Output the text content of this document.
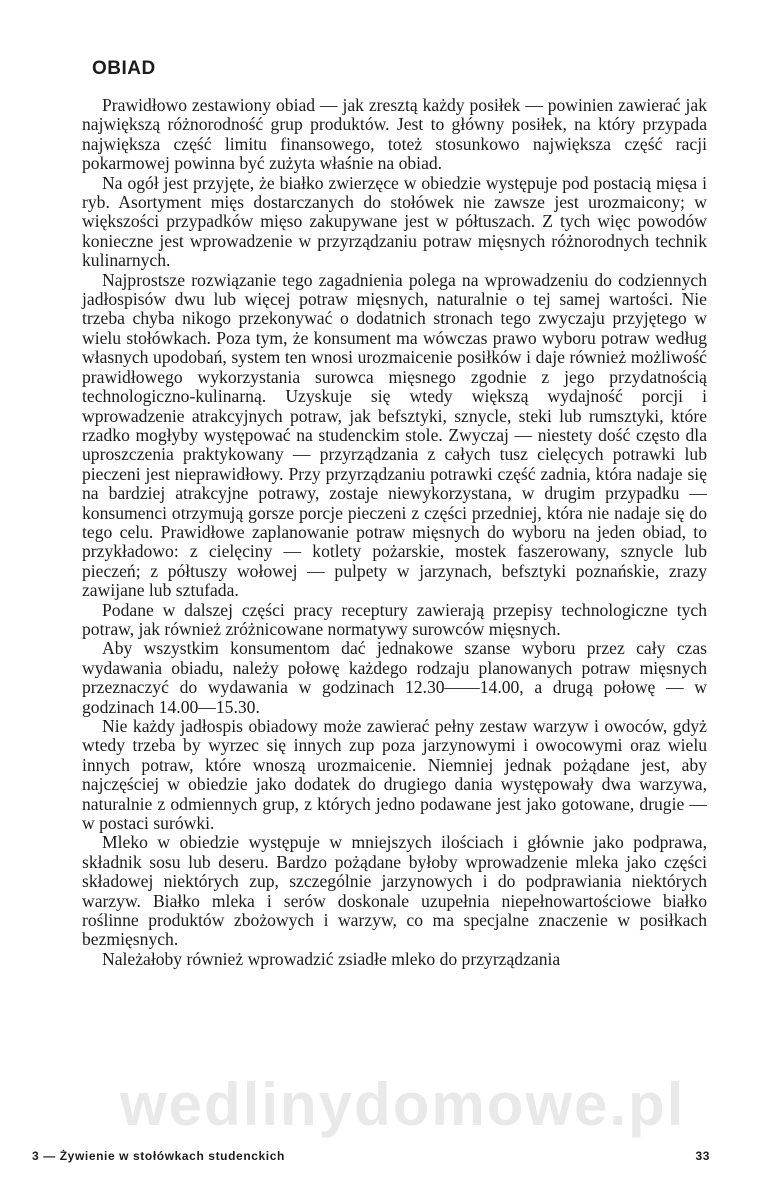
wedlinydomowe.pl
OBIAD

Prawidłowo zestawiony obiad — jak zresztą każdy posiłek — powinien zawierać jak największą różnorodność grup produktów. Jest to główny posiłek, na który przypada największa część limitu finansowego, toteż stosunkowo największa część racji pokarmowej powinna być zużyta właśnie na obiad.

Na ogół jest przyjęte, że białko zwierzęce w obiedzie występuje pod postacią mięsa i ryb. Asortyment mięs dostarczanych do stołówek nie zawsze jest urozmaicony; w większości przypadków mięso zakupywane jest w półtuszach. Z tych więc powodów konieczne jest wprowadzenie w przyrządzaniu potraw mięsnych różnorodnych technik kulinarnych.

Najprostsze rozwiązanie tego zagadnienia polega na wprowadzeniu do codziennych jadłospisów dwu lub więcej potraw mięsnych, naturalnie o tej samej wartości. Nie trzeba chyba nikogo przekonywać o dodatnich stronach tego zwyczaju przyjętego w wielu stołówkach. Poza tym, że konsument ma wówczas prawo wyboru potraw według własnych upodobań, system ten wnosi urozmaicenie posiłków i daje również możliwość prawidłowego wykorzystania surowca mięsnego zgodnie z jego przydatnością technologiczno-kulinarną. Uzyskuje się wtedy większą wydajność porcji i wprowadzenie atrakcyjnych potraw, jak befsztyki, sznycle, steki lub rumsztyki, które rzadko mogłyby występować na studenckim stole. Zwyczaj — niestety dość często dla uproszczenia praktykowany — przyrządzania z całych tusz cielęcych potrawki lub pieczeni jest nieprawidłowy. Przy przyrządzaniu potrawki część zadnia, która nadaje się na bardziej atrakcyjne potrawy, zostaje niewykorzystana, w drugim przypadku — konsumenci otrzymują gorsze porcje pieczeni z części przedniej, która nie nadaje się do tego celu. Prawidłowe zaplanowanie potraw mięsnych do wyboru na jeden obiad, to przykładowo: z cielęciny — kotlety pożarskie, mostek faszerowany, sznycle lub pieczeń; z półtuszy wołowej — pulpety w jarzynach, befsztyki poznańskie, zrazy zawijane lub sztufada.

Podane w dalszej części pracy receptury zawierają przepisy technologiczne tych potraw, jak również zróżnicowane normatywy surowców mięsnych.

Aby wszystkim konsumentom dać jednakowe szanse wyboru przez cały czas wydawania obiadu, należy połowę każdego rodzaju planowanych potraw mięsnych przeznaczyć do wydawania w godzinach 12.30——14.00, a drugą połowę — w godzinach 14.00—15.30.

Nie każdy jadłospis obiadowy może zawierać pełny zestaw warzyw i owoców, gdyż wtedy trzeba by wyrzec się innych zup poza jarzynowymi i owocowymi oraz wielu innych potraw, które wnoszą urozmaicenie. Niemniej jednak pożądane jest, aby najczęściej w obiedzie jako dodatek do drugiego dania występowały dwa warzywa, naturalnie z odmiennych grup, z których jedno podawane jest jako gotowane, drugie — w postaci surówki.

Mleko w obiedzie występuje w mniejszych ilościach i głównie jako podprawa, składnik sosu lub deseru. Bardzo pożądane byłoby wprowadzenie mleka jako części składowej niektórych zup, szczególnie jarzynowych i do podprawiania niektórych warzyw. Białko mleka i serów doskonale uzupełnia niepełnowartościowe białko roślinne produktów zbożowych i warzyw, co ma specjalne znaczenie w posiłkach bezmięsnych.

Należałoby również wprowadzić zsiadłe mleko do przyrządzania

3 — Żywienie w stołówkach studenckich	33
